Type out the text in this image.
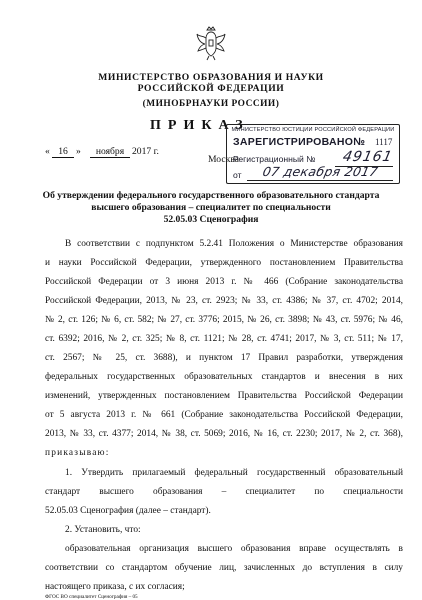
МИНИСТЕРСТВО ОБРАЗОВАНИЯ И НАУКИ
РОССИЙСКОЙ ФЕДЕРАЦИИ
(МИНОБРНАУКИ РОССИИ)
ПРИКАЗ
« 16 »	ноября 2017 г.
Москва
МИНИСТЕРСТВО ЮСТИЦИИ РОССИЙСКОЙ ФЕДЕРАЦИИ
ЗАРЕГИСТРИРОВАНО№ 1117
Регистрационный № 49161
от 07 декабря 2017
Об утверждении федерального государственного образовательного стандарта
высшего образования – специалитет по специальности
52.05.03 Сценография
В соответствии с подпунктом 5.2.41 Положения о Министерстве образования
и науки Российской Федерации, утвержденного постановлением Правительства
Российской Федерации от 3 июня 2013 г. № 466 (Собрание законодательства
Российской Федерации, 2013, № 23, ст. 2923; № 33, ст. 4386; № 37, ст. 4702; 2014,
№ 2, ст. 126; № 6, ст. 582; № 27, ст. 3776; 2015, № 26, ст. 3898; № 43, ст. 5976; № 46,
ст. 6392; 2016, № 2, ст. 325; № 8, ст. 1121; № 28, ст. 4741; 2017, № 3, ст. 511; № 17,
ст. 2567; № 25, ст. 3688), и пунктом 17 Правил разработки, утверждения
федеральных государственных образовательных стандартов и внесения в них
изменений, утвержденных постановлением Правительства Российской Федерации
от 5 августа 2013 г. № 661 (Собрание законодательства Российской Федерации,
2013, № 33, ст. 4377; 2014, № 38, ст. 5069; 2016, № 16, ст. 2230; 2017, № 2, ст. 368),
приказываю:
1. Утвердить прилагаемый федеральный государственный образовательный
стандарт высшего образования – специалитет по специальности
52.05.03 Сценография (далее – стандарт).
2. Установить, что:
образовательная организация высшего образования вправе осуществлять в
соответствии со стандартом обучение лиц, зачисленных до вступления в силу
настоящего приказа, с их согласия;
ФГОС ВО специалитет Сценография – 05
